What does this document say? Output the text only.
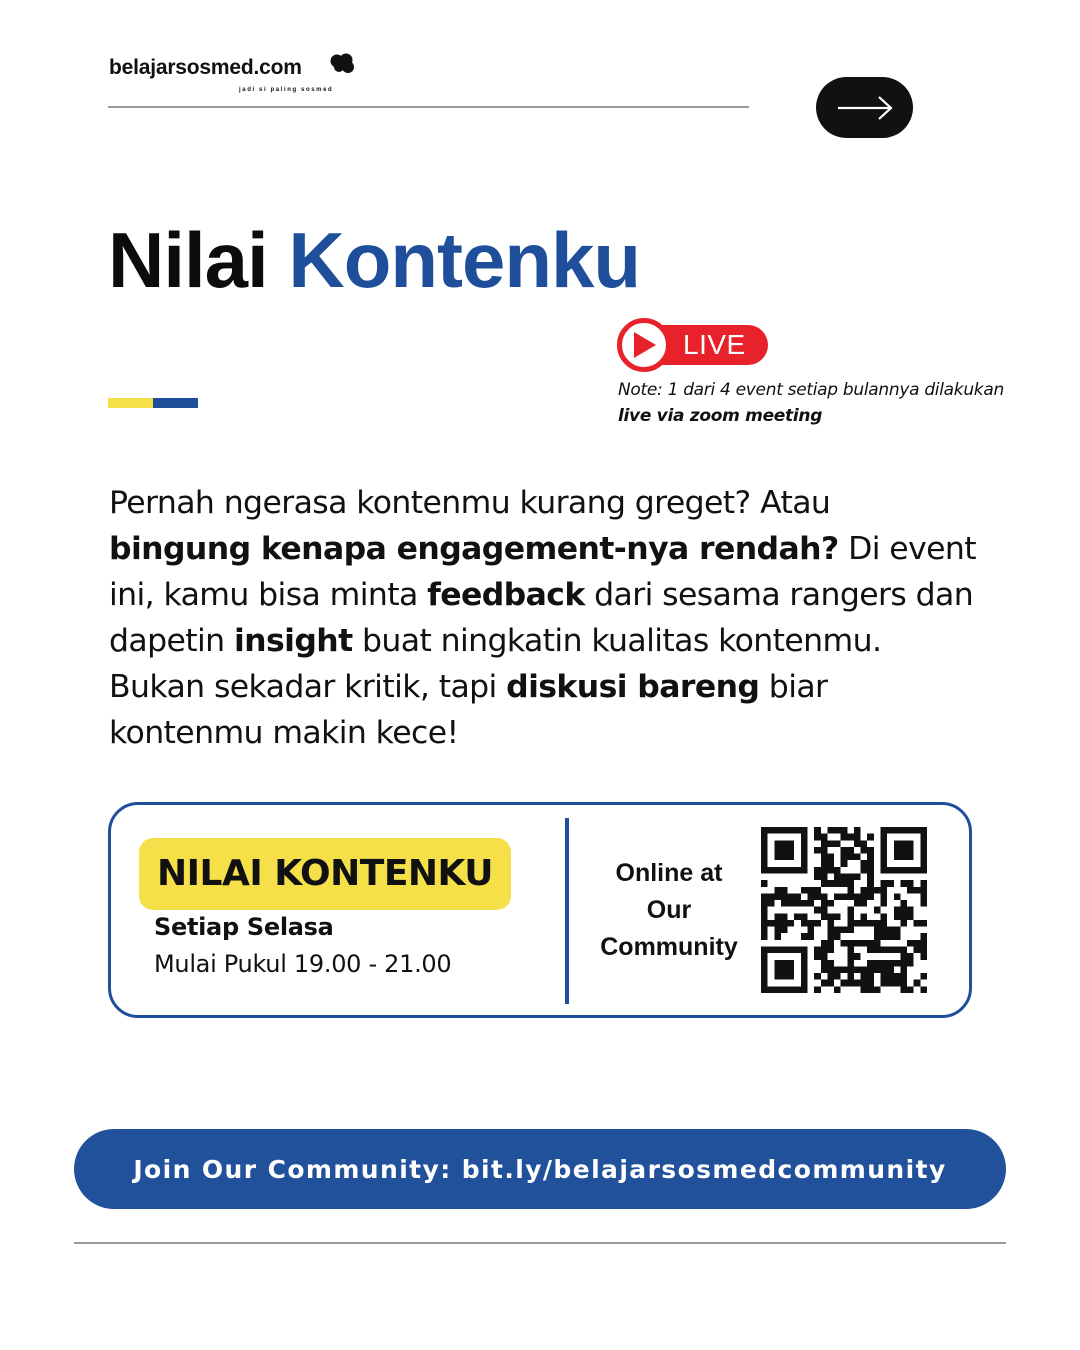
belajarsosmed.com
jadi si paling sosmed
Nilai Kontenku
LIVE
Note: 1 dari 4 event setiap bulannya dilakukan
live via zoom meeting

Pernah ngerasa kontenmu kurang greget? Atau bingung kenapa engagement-nya rendah? Di event ini, kamu bisa minta feedback dari sesama rangers dan dapetin insight buat ningkatin kualitas kontenmu. Bukan sekadar kritik, tapi diskusi bareng biar kontenmu makin kece!

NILAI KONTENKU
Setiap Selasa
Mulai Pukul 19.00 - 21.00
Online at
Our
Community
Join Our Community: bit.ly/belajarsosmedcommunity
